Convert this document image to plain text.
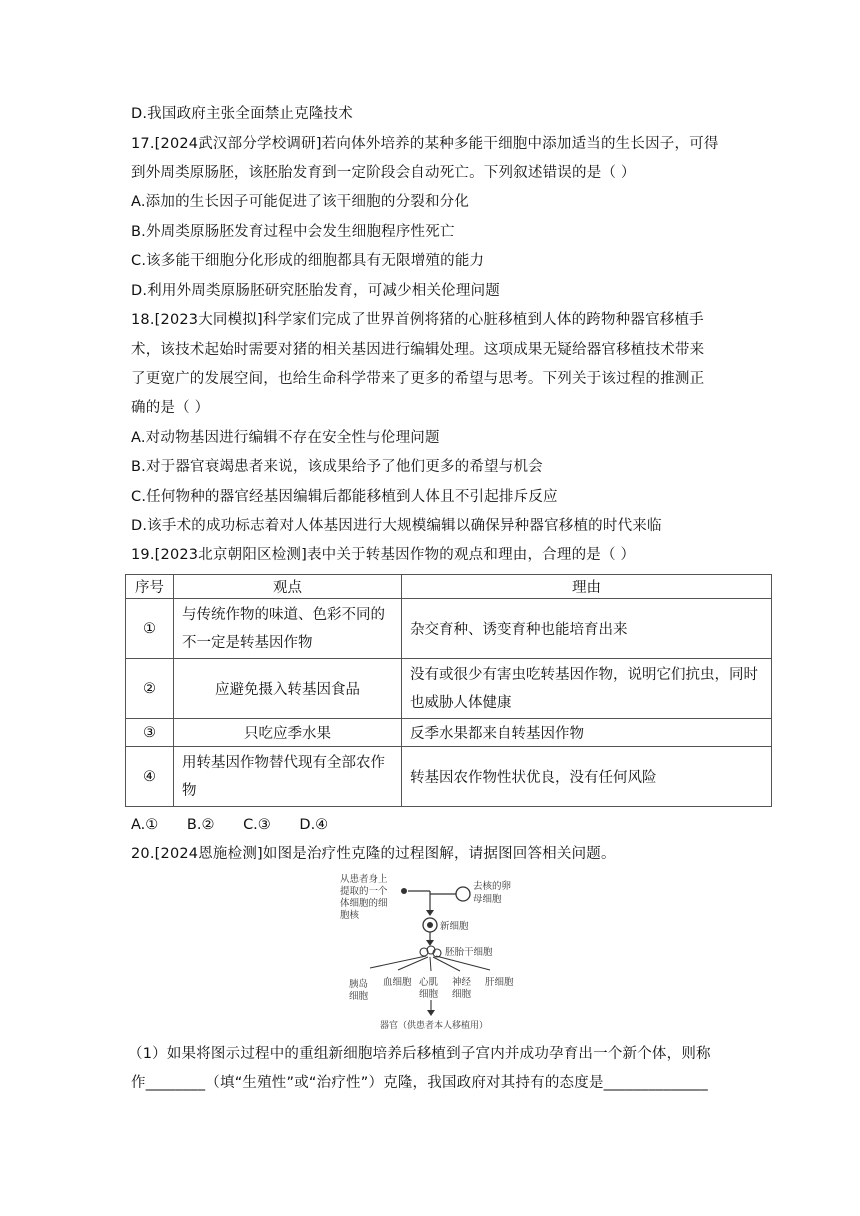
D.我国政府主张全面禁止克隆技术
17.[2024武汉部分学校调研]若向体外培养的某种多能干细胞中添加适当的生长因子，可得
到外周类原肠胚，该胚胎发育到一定阶段会自动死亡。下列叙述错误的是（ ）
A.添加的生长因子可能促进了该干细胞的分裂和分化
B.外周类原肠胚发育过程中会发生细胞程序性死亡
C.该多能干细胞分化形成的细胞都具有无限增殖的能力
D.利用外周类原肠胚研究胚胎发育，可减少相关伦理问题
18.[2023大同模拟]科学家们完成了世界首例将猪的心脏移植到人体的跨物种器官移植手
术，该技术起始时需要对猪的相关基因进行编辑处理。这项成果无疑给器官移植技术带来
了更宽广的发展空间，也给生命科学带来了更多的希望与思考。下列关于该过程的推测正
确的是（ ）
A.对动物基因进行编辑不存在安全性与伦理问题
B.对于器官衰竭患者来说，该成果给予了他们更多的希望与机会
C.任何物种的器官经基因编辑后都能移植到人体且不引起排斥反应
D.该手术的成功标志着对人体基因进行大规模编辑以确保异种器官移植的时代来临
19.[2023北京朝阳区检测]表中关于转基因作物的观点和理由，合理的是（ ）
序号	观点	理由
①	与传统作物的味道、色彩不同的不一定是转基因作物	杂交育种、诱变育种也能培育出来
②	应避免摄入转基因食品	没有或很少有害虫吃转基因作物，说明它们抗虫，同时也威胁人体健康

③	只吃应季水果	反季水果都来自转基因作物
④	用转基因作物替代现有全部农作物	转基因农作物性状优良，没有任何风险
A.① B.② C.③ D.④
20.[2024恩施检测]如图是治疗性克隆的过程图解，请据图回答相关问题。
从患者身上
提取的一个
体细胞的细
胞核
去核的卵
母细胞
新细胞
胚胎干细胞
胰岛
细胞
血细胞 心肌
细胞
神经
细胞
肝细胞
器官（供患者本人移植用）
（1）如果将图示过程中的重组新细胞培养后移植到子宫内并成功孕育出一个新个体，则称
作________（填“生殖性”或“治疗性”）克隆，我国政府对其持有的态度是______________
